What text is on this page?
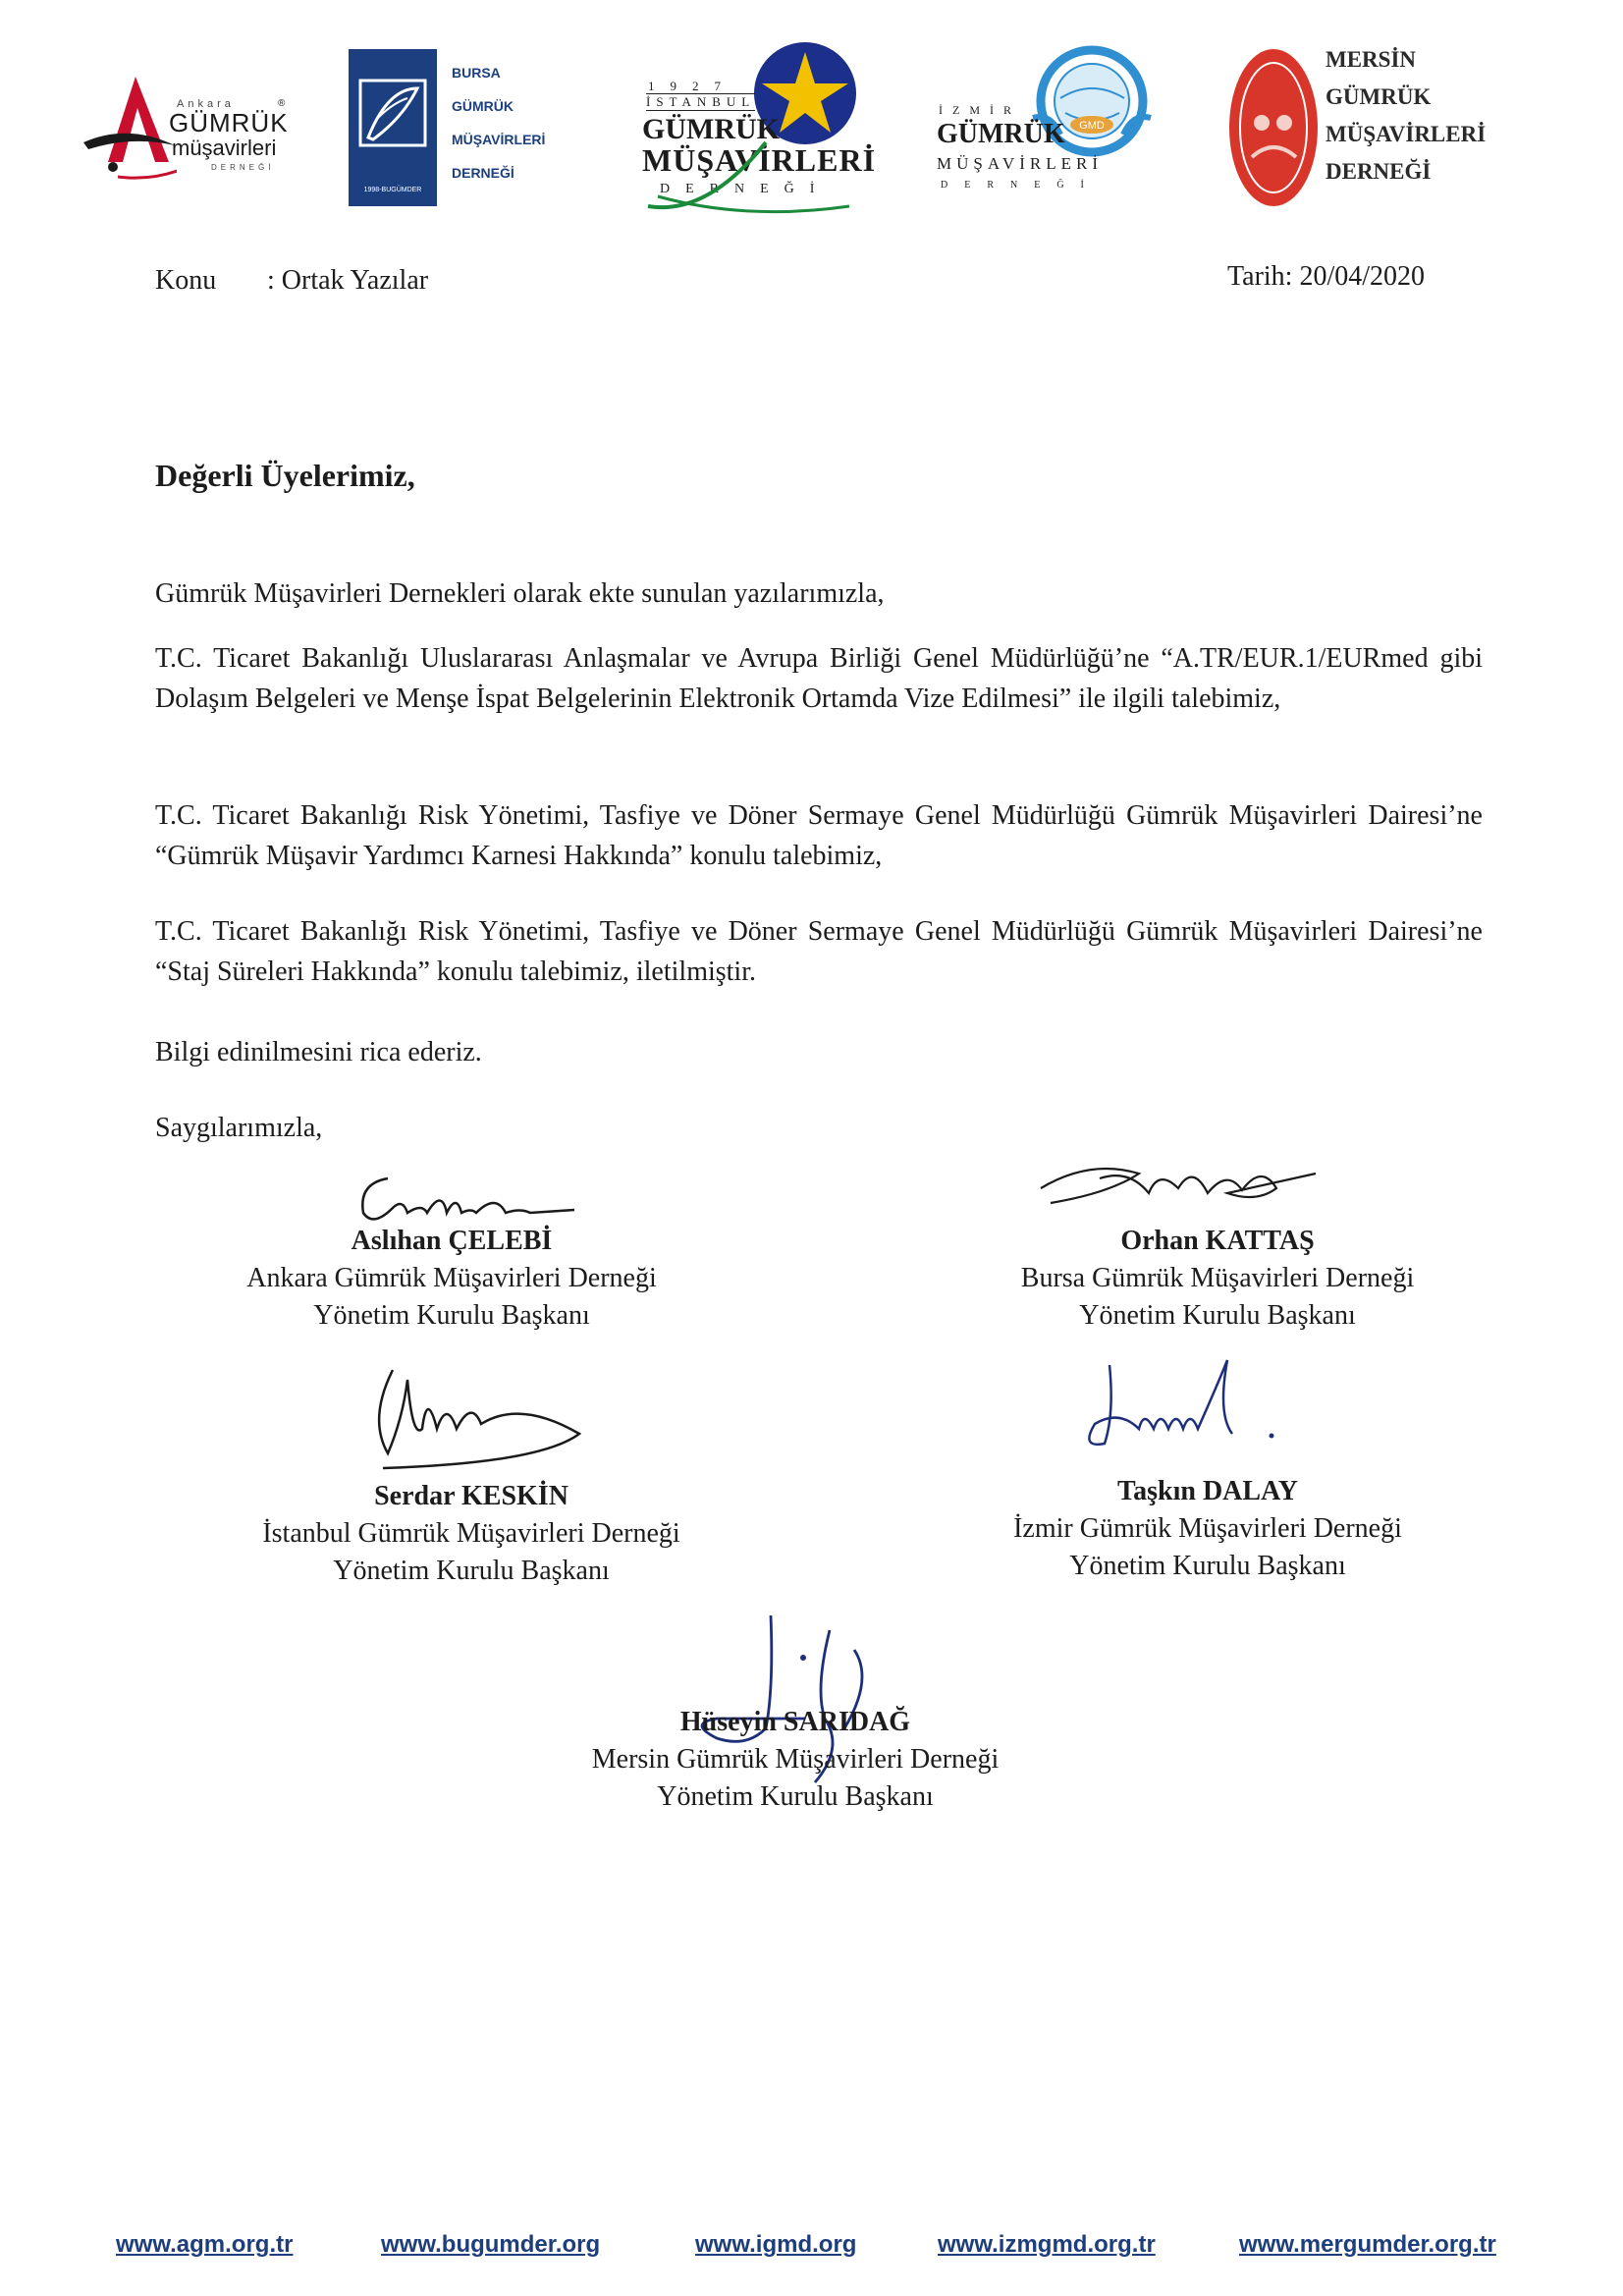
Ankara
GÜMRÜK
müşavirleri
DERNEĞİ
®
1998-BUGÜMDER
BURSA
GÜMRÜK
MÜŞAVİRLERİ
DERNEĞİ
1927
İSTANBUL
GÜMRÜK
MÜŞAVİRLERİ
DERNEĞİ
GMD
İZMİR
GÜMRÜK
MÜŞAVİRLERİ
DERNEĞİ
MERSİN
GÜMRÜK
MÜŞAVİRLERİ
DERNEĞİ
Konu : Ortak Yazılar	Tarih: 20/04/2020
Değerli Üyelerimiz,
Gümrük Müşavirleri Dernekleri olarak ekte sunulan yazılarımızla,
T.C. Ticaret Bakanlığı Uluslararası Anlaşmalar ve Avrupa Birliği Genel Müdürlüğü’ne “A.TR/EUR.1/EURmed gibi Dolaşım Belgeleri ve Menşe İspat Belgelerinin Elektronik Ortamda Vize Edilmesi” ile ilgili talebimiz,
T.C. Ticaret Bakanlığı Risk Yönetimi, Tasfiye ve Döner Sermaye Genel Müdürlüğü Gümrük Müşavirleri Dairesi’ne “Gümrük Müşavir Yardımcı Karnesi Hakkında” konulu talebimiz,
T.C. Ticaret Bakanlığı Risk Yönetimi, Tasfiye ve Döner Sermaye Genel Müdürlüğü Gümrük Müşavirleri Dairesi’ne “Staj Süreleri Hakkında” konulu talebimiz, iletilmiştir.
Bilgi edinilmesini rica ederiz.
Saygılarımızla,
Aslıhan ÇELEBİ
Ankara Gümrük Müşavirleri Derneği
Yönetim Kurulu Başkanı
Orhan KATTAŞ
Bursa Gümrük Müşavirleri Derneği
Yönetim Kurulu Başkanı
Serdar KESKİN
İstanbul Gümrük Müşavirleri Derneği
Yönetim Kurulu Başkanı
Taşkın DALAY
İzmir Gümrük Müşavirleri Derneği
Yönetim Kurulu Başkanı
Hüseyin SARIDAĞ
Mersin Gümrük Müşavirleri Derneği
Yönetim Kurulu Başkanı
www.agm.org.tr	www.bugumder.org	www.igmd.org	www.izmgmd.org.tr	www.mergumder.org.tr
